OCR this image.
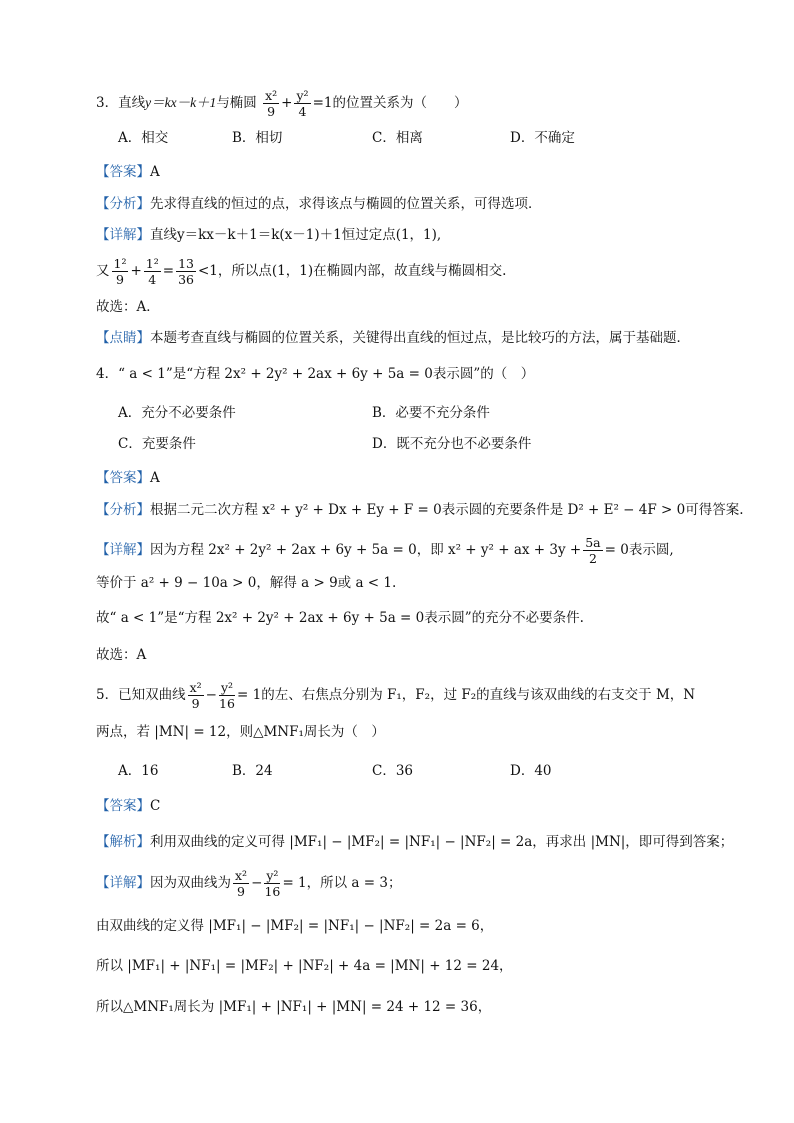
3．直线y＝kx－k＋1与椭圆 $\frac{\text{x²}}{9} + \frac{\text{y²}}{4} =1$的位置关系为（　　）
A．相交	B．相切	C．相离	D．不确定
【答案】A
【分析】先求得直线的恒过的点，求得该点与椭圆的位置关系，可得选项．
【详解】直线y＝kx－k＋1＝k(x－1)＋1恒过定点(1，1),
又 $\frac{\text{1²}}{9} + \frac{\text{1²}}{4} = \frac{13}{36} <1$，所以点(1，1)在椭圆内部，故直线与椭圆相交.
故选：A．
【点睛】本题考查直线与椭圆的位置关系，关键得出直线的恒过点，是比较巧的方法，属于基础题．
4．“ a < 1”是“方程 2x² + 2y² + 2ax + 6y + 5a = 0表示圆”的（　）
A．充分不必要条件	B．必要不充分条件
C．充要条件	D．既不充分也不必要条件
【答案】A
【分析】根据二元二次方程 x² + y² + Dx + Ey + F = 0表示圆的充要条件是 D² + E² − 4F > 0可得答案.
【详解】因为方程 2x² + 2y² + 2ax + 6y + 5a = 0，即 x² + y² + ax + $3y + \frac{5a}{2} = 0$表示圆,
等价于 a² + 9 − 10a > 0，解得 a > 9或 a < 1.
故“ a < 1”是“方程 2x² + 2y² + 2ax + 6y + 5a = 0表示圆”的充分不必要条件.
故选：A
5．已知双曲线 $\frac{\text{x²}}{9} - \frac{\text{y²}}{16} = 1$的左、右焦点分别为 F₁，F₂，过 F₂的直线与该双曲线的右支交于 M，N
两点，若 |MN| = 12，则△MNF₁周长为（　）
A．16	B．24	C．36	D．40
【答案】C
【解析】利用双曲线的定义可得 |MF₁| − |MF₂| = |NF₁| − |NF₂| = 2a，再求出 |MN|，即可得到答案；
【详解】因为双曲线为 $\frac{\text{x²}}{9} - \frac{\text{y²}}{16} = 1$，所以 a = 3；
由双曲线的定义得 |MF₁| − |MF₂| = |NF₁| − |NF₂| = 2a = 6，
所以 |MF₁| + |NF₁| = |MF₂| + |NF₂| + 4a = |MN| + 12 = 24，
所以△MNF₁周长为 |MF₁| + |NF₁| + |MN| = 24 + 12 = 36，
